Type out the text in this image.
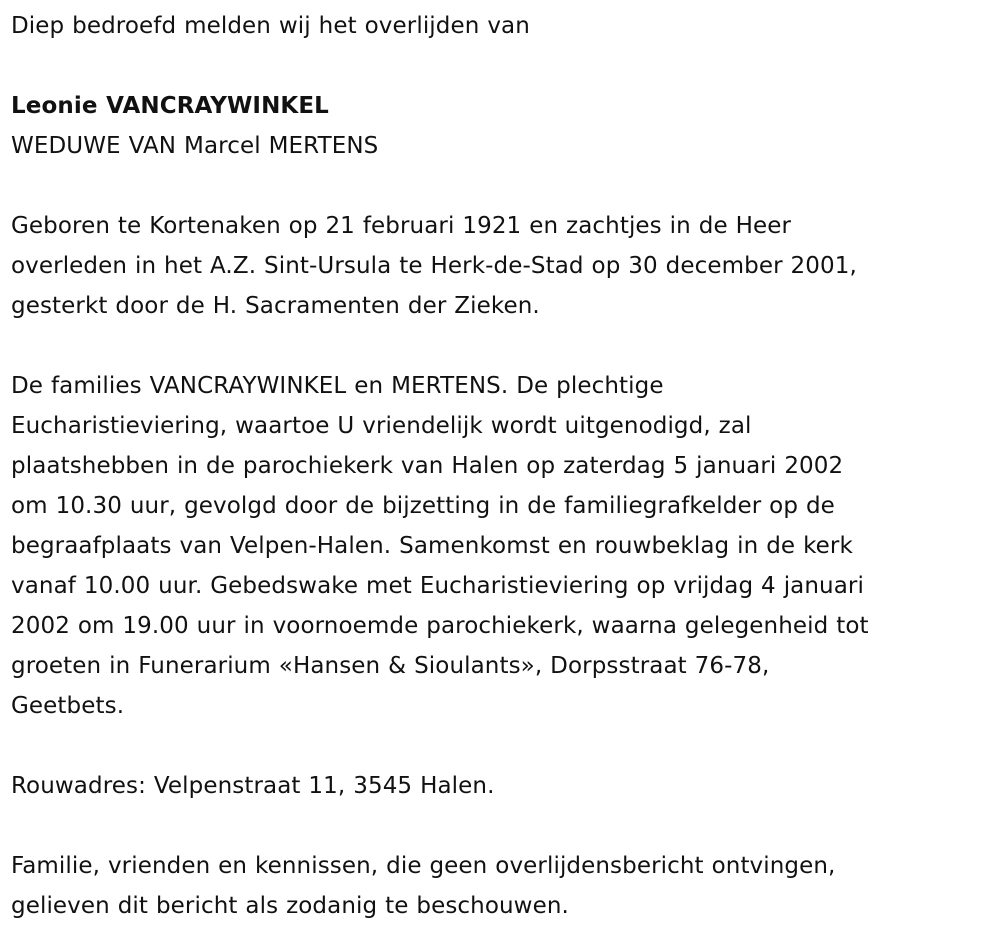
Diep bedroefd melden wij het overlijden van

Leonie VANCRAYWINKEL

WEDUWE VAN Marcel MERTENS

Geboren te Kortenaken op 21 februari 1921 en zachtjes in de Heer

overleden in het A.Z. Sint-Ursula te Herk-de-Stad op 30 december 2001,

gesterkt door de H. Sacramenten der Zieken.

De families VANCRAYWINKEL en MERTENS. De plechtige

Eucharistieviering, waartoe U vriendelijk wordt uitgenodigd, zal

plaatshebben in de parochiekerk van Halen op zaterdag 5 januari 2002

om 10.30 uur, gevolgd door de bijzetting in de familiegrafkelder op de

begraafplaats van Velpen-Halen. Samenkomst en rouwbeklag in de kerk

vanaf 10.00 uur. Gebedswake met Eucharistieviering op vrijdag 4 januari

2002 om 19.00 uur in voornoemde parochiekerk, waarna gelegenheid tot

groeten in Funerarium «Hansen & Sioulants», Dorpsstraat 76-78,

Geetbets.

Rouwadres: Velpenstraat 11, 3545 Halen.

Familie, vrienden en kennissen, die geen overlijdensbericht ontvingen,

gelieven dit bericht als zodanig te beschouwen.
